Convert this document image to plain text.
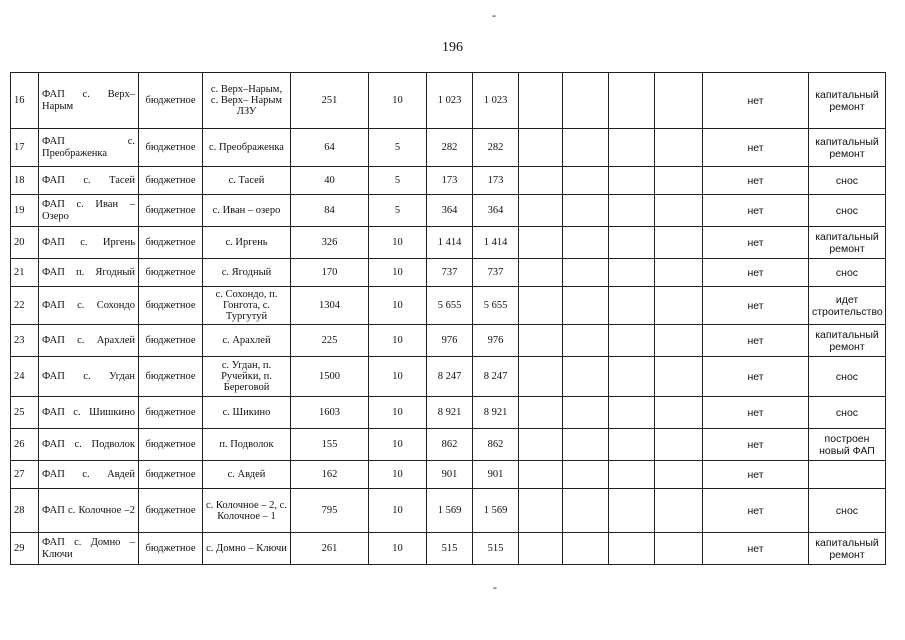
-
196
16	ФАП с. Верх–Нарым	бюджетное	с. Верх–Нарым, с. Верх– Нарым ЛЗУ	251	10	1 023	1 023					нет	капитальный ремонт
17	ФАП с. Преображенка	бюджетное	с. Преображенка	64	5	282	282					нет	капитальный ремонт
18	ФАП с. Тасей	бюджетное	с. Тасей	40	5	173	173					нет	снос
19	ФАП с. Иван – Озеро	бюджетное	с. Иван – озеро	84	5	364	364					нет	снос
20	ФАП с. Иргень	бюджетное	с. Иргень	326	10	1 414	1 414					нет	капитальный ремонт
21	ФАП п. Ягодный	бюджетное	с. Ягодный	170	10	737	737					нет	снос
22	ФАП с. Сохондо	бюджетное	с. Сохондо, п. Гонгота, с. Тургутуй	1304	10	5 655	5 655					нет	идет строительство
23	ФАП с. Арахлей	бюджетное	с. Арахлей	225	10	976	976					нет	капитальный ремонт
24	ФАП с. Угдан	бюджетное	с. Угдан, п. Ручейки, п. Береговой	1500	10	8 247	8 247					нет	снос
25	ФАП с. Шишкино	бюджетное	с. Шикино	1603	10	8 921	8 921					нет	снос
26	ФАП с. Подволок	бюджетное	п. Подволок	155	10	862	862					нет	построен новый ФАП
27	ФАП с. Авдей	бюджетное	с. Авдей	162	10	901	901					нет	
28	ФАП с. Колочное –2	бюджетное	с. Колочное – 2, с. Колочное – 1	795	10	1 569	1 569					нет	снос
29	ФАП с. Домно – Ключи	бюджетное	с. Домно – Ключи	261	10	515	515					нет	капитальный ремонт
-
